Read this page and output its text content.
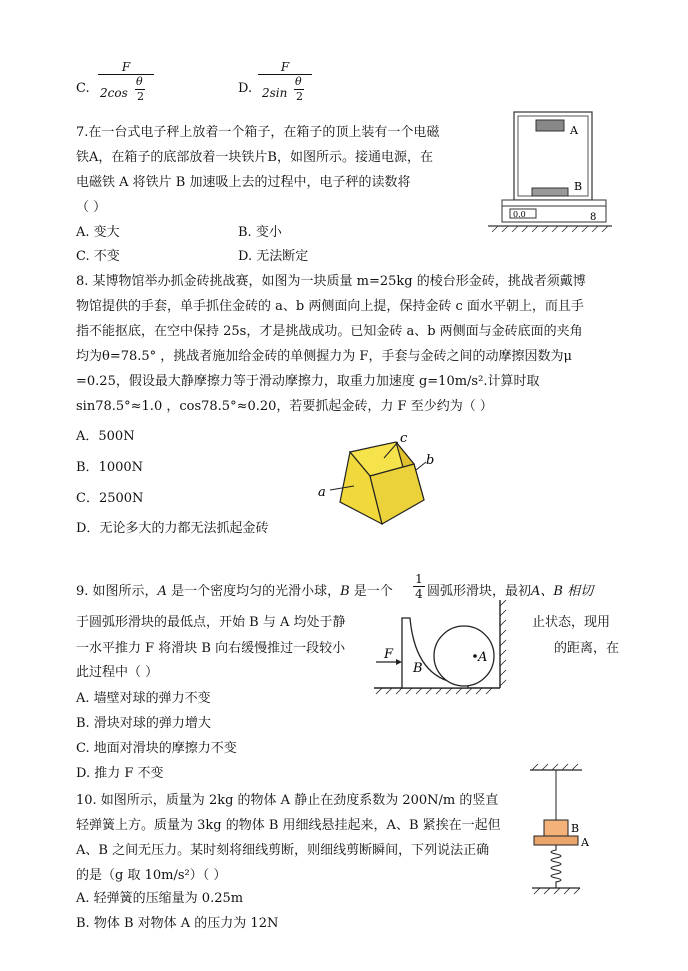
C.
F
2cos
θ
2
D.
F
2sin
θ
2
7.在一台式电子秤上放着一个箱子，在箱子的顶上装有一个电磁
铁A，在箱子的底部放着一块铁片B，如图所示。接通电源，在
电磁铁 A 将铁片 B 加速吸上去的过程中，电子秤的读数将
（ ）
A. 变大	B. 变小
C. 不变	D. 无法断定
A
B
0.0	8
8. 某博物馆举办抓金砖挑战赛，如图为一块质量 m=25kg 的棱台形金砖，挑战者须戴博
物馆提供的手套，单手抓住金砖的 a、b 两侧面向上提，保持金砖 c 面水平朝上，而且手
指不能抠底，在空中保持 25s，才是挑战成功。已知金砖 a、b 两侧面与金砖底面的夹角
均为θ=78.5° ，挑战者施加给金砖的单侧握力为 F，手套与金砖之间的动摩擦因数为μ
=0.25，假设最大静摩擦力等于滑动摩擦力，取重力加速度 g=10m/s².计算时取
sin78.5°≈1.0 ，cos78.5°≈0.20，若要抓起金砖，力 F 至少约为（ ）
A．500N
B．1000N
C．2500N
D．无论多大的力都无法抓起金砖
c
b
a
9. 如图所示，A 是一个密度均匀的光滑小球，B 是一个
1
4 圆弧形滑块，最初A、B 相切
于圆弧形滑块的最低点，开始 B 与 A 均处于静	止状态，现用
一水平推力 F 将滑块 B 向右缓慢推过一段较小	的距离，在
此过程中（ ）
A. 墙壁对球的弹力不变
B. 滑块对球的弹力增大
C. 地面对滑块的摩擦力不变
D. 推力 F 不变
A
B
F
10. 如图所示，质量为 2kg 的物体 A 静止在劲度系数为 200N/m 的竖直
轻弹簧上方。质量为 3kg 的物体 B 用细线悬挂起来，A、B 紧挨在一起但
A、B 之间无压力。某时刻将细线剪断，则细线剪断瞬间，下列说法正确
的是（g 取 10m/s²）（ ）
A. 轻弹簧的压缩量为 0.25m
B. 物体 B 对物体 A 的压力为 12N
B
A
